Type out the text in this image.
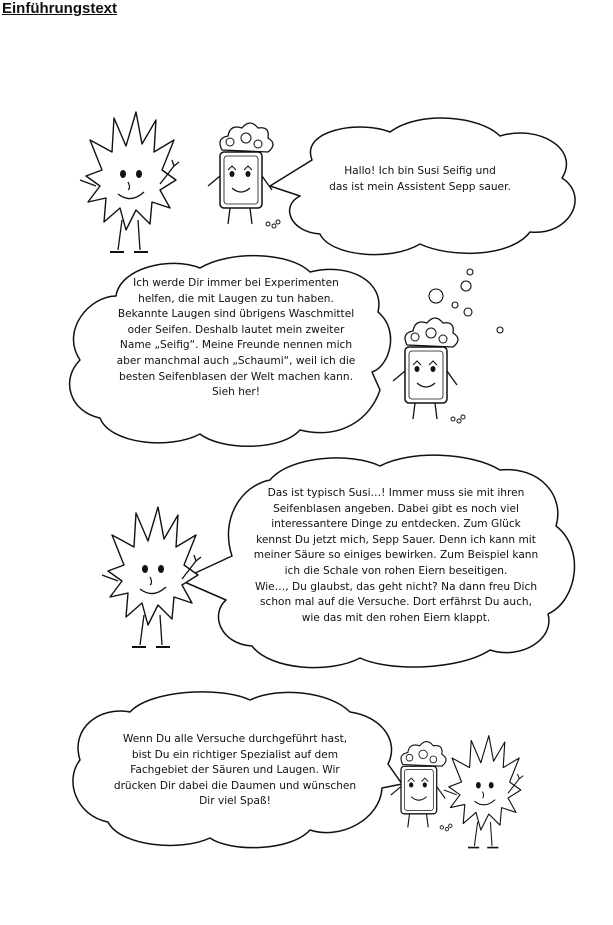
Einführungstext
Hallo! Ich bin Susi Seifig und
das ist mein Assistent Sepp sauer.
Ich werde Dir immer bei Experimenten
helfen, die mit Laugen zu tun haben.
Bekannte Laugen sind übrigens Waschmittel
oder Seifen. Deshalb lautet mein zweiter
Name „Seifig“. Meine Freunde nennen mich
aber manchmal auch „Schaumi“, weil ich die
besten Seifenblasen der Welt machen kann.
Sieh her!
Das ist typisch Susi…! Immer muss sie mit ihren
Seifenblasen angeben. Dabei gibt es noch viel
interessantere Dinge zu entdecken. Zum Glück
kennst Du jetzt mich, Sepp Sauer. Denn ich kann mit
meiner Säure so einiges bewirken. Zum Beispiel kann
ich die Schale von rohen Eiern beseitigen.
Wie…, Du glaubst, das geht nicht? Na dann freu Dich
schon mal auf die Versuche. Dort erfährst Du auch,
wie das mit den rohen Eiern klappt.
Wenn Du alle Versuche durchgeführt hast,
bist Du ein richtiger Spezialist auf dem
Fachgebiet der Säuren und Laugen. Wir
drücken Dir dabei die Daumen und wünschen
Dir viel Spaß!
